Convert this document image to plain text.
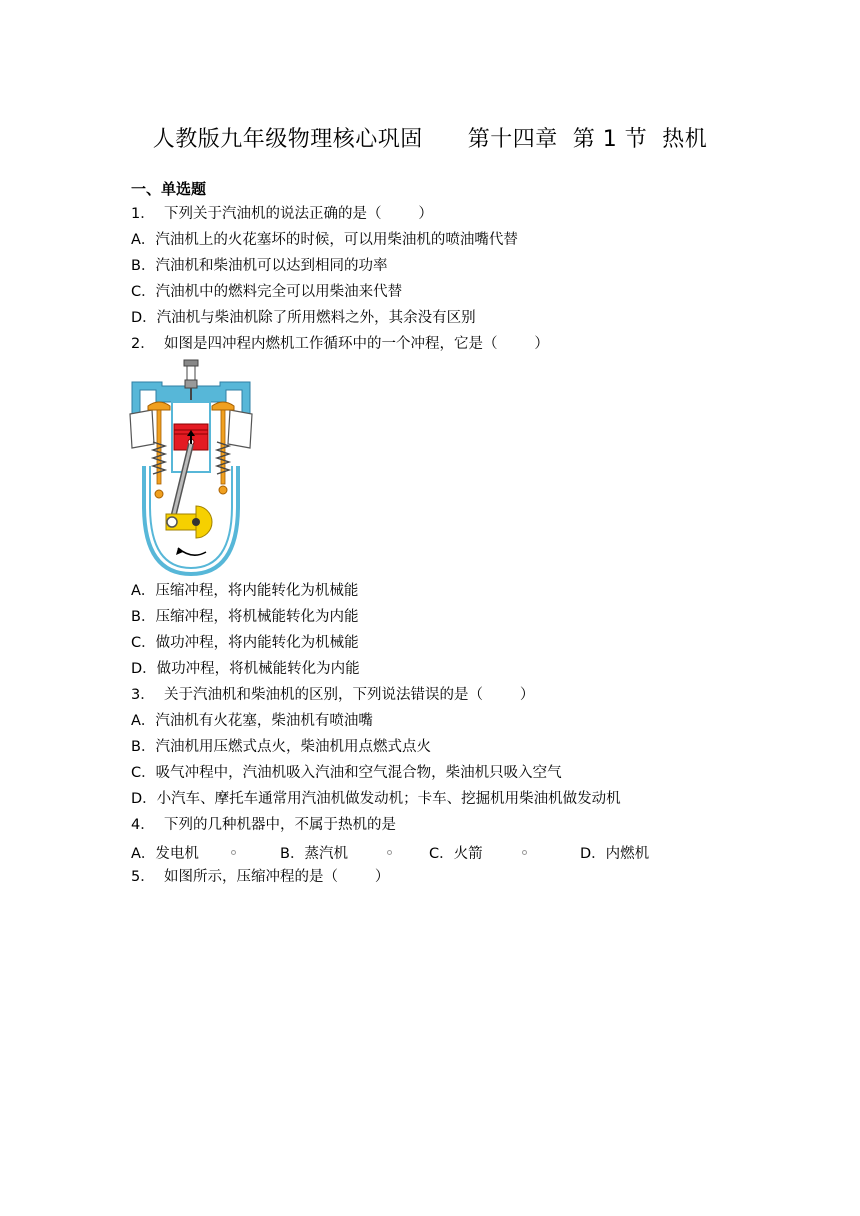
人教版九年级物理核心巩固      第十四章  第 1 节  热机
一、单选题
1．  下列关于汽油机的说法正确的是（        ）
A．汽油机上的火花塞坏的时候，可以用柴油机的喷油嘴代替
B．汽油机和柴油机可以达到相同的功率
C．汽油机中的燃料完全可以用柴油来代替
D．汽油机与柴油机除了所用燃料之外，其余没有区别
2．  如图是四冲程内燃机工作循环中的一个冲程，它是（        ）
A．压缩冲程，将内能转化为机械能
B．压缩冲程，将机械能转化为内能
C．做功冲程，将内能转化为机械能
D．做功冲程，将机械能转化为内能
3．  关于汽油机和柴油机的区别，下列说法错误的是（        ）
A．汽油机有火花塞，柴油机有喷油嘴
B．汽油机用压燃式点火，柴油机用点燃式点火
C．吸气冲程中，汽油机吸入汽油和空气混合物，柴油机只吸入空气
D．小汽车、摩托车通常用汽油机做发动机；卡车、挖掘机用柴油机做发动机
4．  下列的几种机器中，不属于热机的是
A．发电机	B．蒸汽机	C．火箭	D．内燃机
5．  如图所示，压缩冲程的是（        ）
